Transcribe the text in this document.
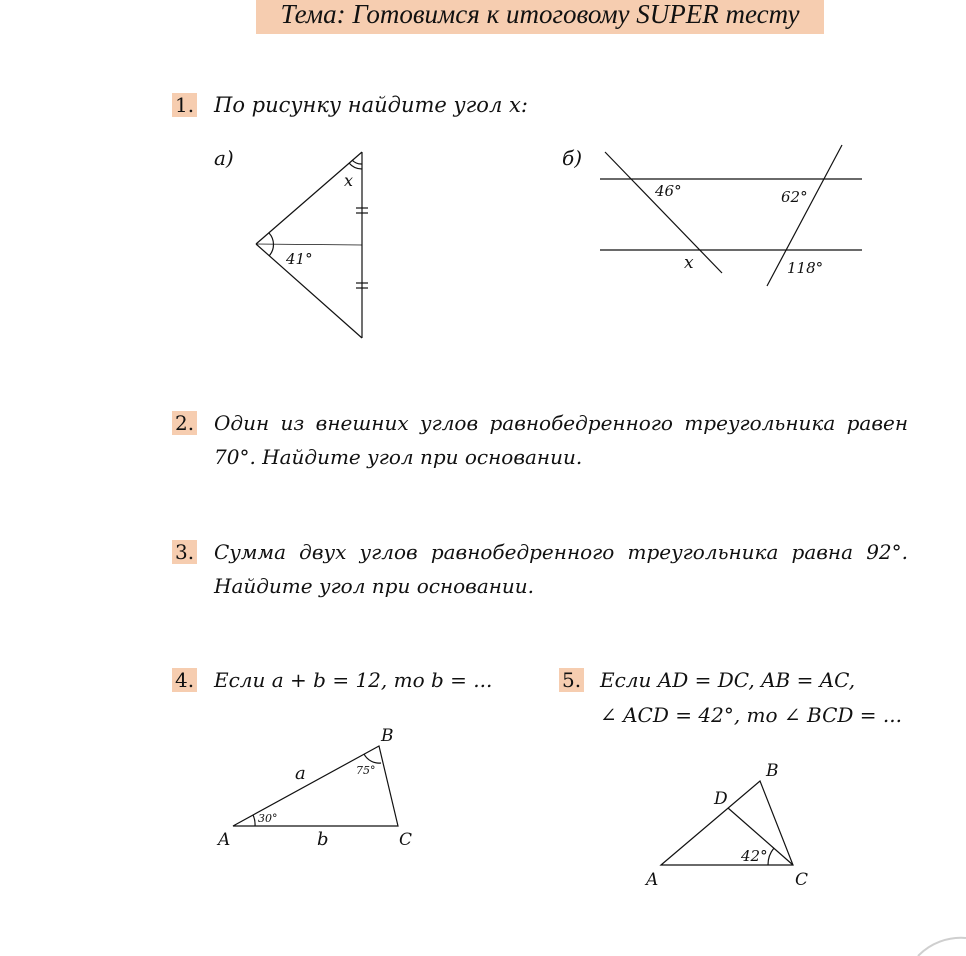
Тема: Готовимся к итоговому SUPER тесту
1. По рисунку найдите угол x:
а)	б)
2. Один из внешних углов равнобедренного треугольника равен 70°. Найдите угол при основании.
3. Сумма двух углов равнобедренного треугольника равна 92°. Найдите угол при основании.
4. Если a + b = 12, то b = ...	5. Если AD = DC, AB = AC,
∠ ACD = 42°, то ∠ BCD = ...
x
41°
46°	62°
x	118°
B
A	C
a
b
30°
75°	B
D
A	C
42°
